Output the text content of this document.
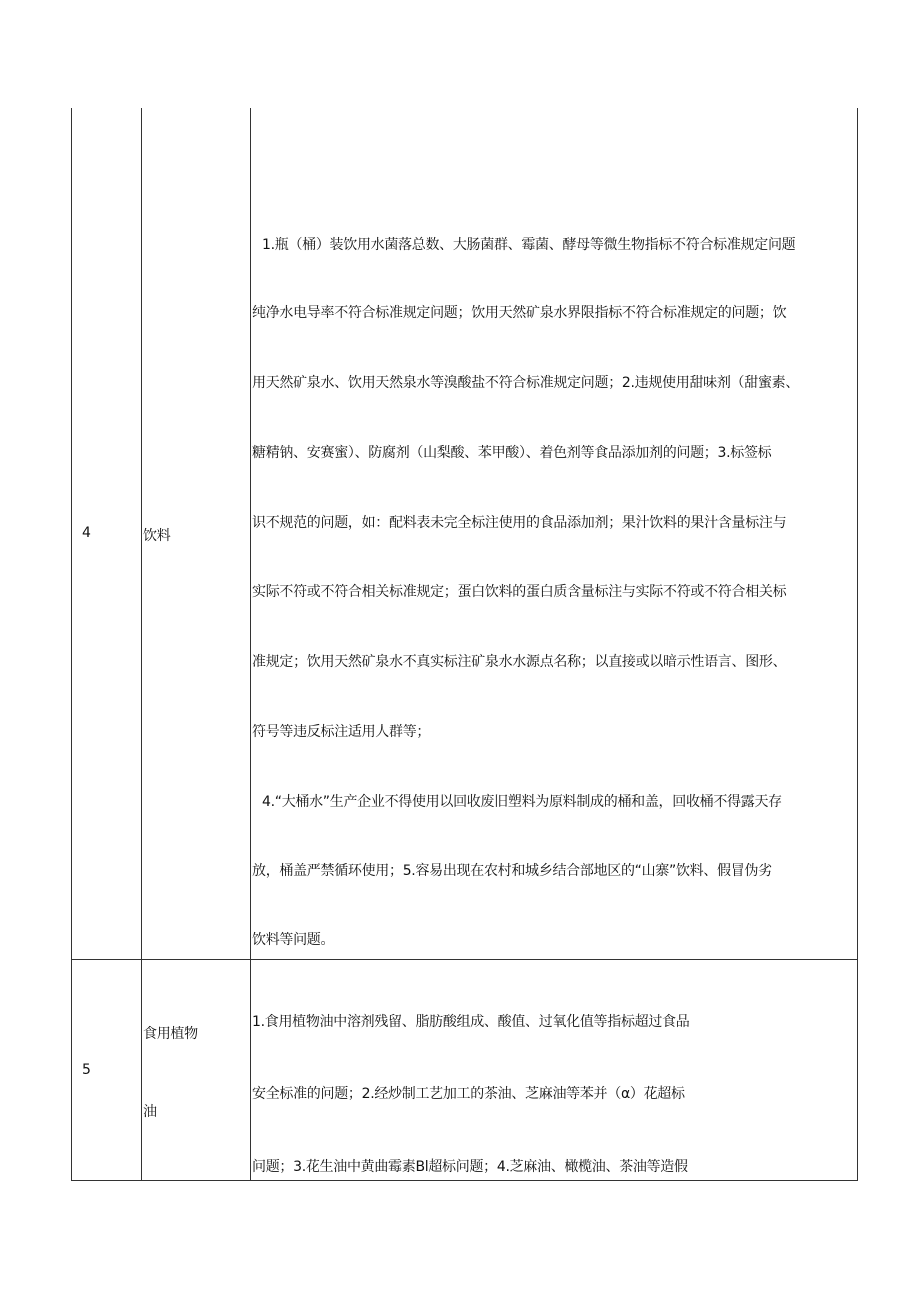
4	饮料
1.瓶（桶）装饮用水菌落总数、大肠菌群、霉菌、酵母等微生物指标不符合标准规定问题
纯净水电导率不符合标准规定问题；饮用天然矿泉水界限指标不符合标准规定的问题；饮
用天然矿泉水、饮用天然泉水等溴酸盐不符合标准规定问题；2.违规使用甜味剂（甜蜜素、
糖精钠、安赛蜜）、防腐剂（山梨酸、苯甲酸）、着色剂等食品添加剂的问题；3.标签标
识不规范的问题，如：配料表未完全标注使用的食品添加剂；果汁饮料的果汁含量标注与
实际不符或不符合相关标准规定；蛋白饮料的蛋白质含量标注与实际不符或不符合相关标
准规定；饮用天然矿泉水不真实标注矿泉水水源点名称；以直接或以暗示性语言、图形、
符号等违反标注适用人群等；
4.“大桶水”生产企业不得使用以回收废旧塑料为原料制成的桶和盖，回收桶不得露天存
放，桶盖严禁循环使用；5.容易出现在农村和城乡结合部地区的“山寨”饮料、假冒伪劣
饮料等问题。
5
食用植物
油
1.食用植物油中溶剂残留、脂肪酸组成、酸值、过氧化值等指标超过食品
安全标准的问题；2.经炒制工艺加工的茶油、芝麻油等苯并（α）花超标
问题；3.花生油中黄曲霉素Bl超标问题；4.芝麻油、橄榄油、茶油等造假
